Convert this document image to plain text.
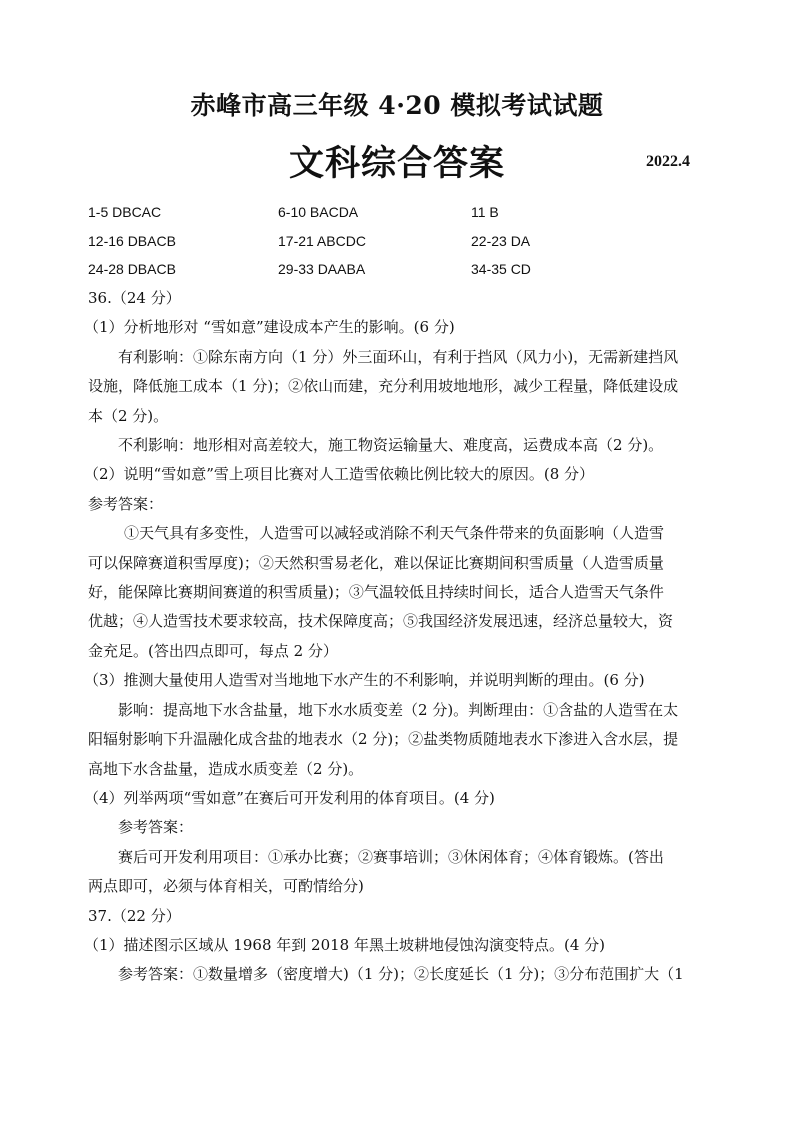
赤峰市高三年级 4·20 模拟考试试题
文科综合答案	2022.4
1-5 DBCAC	6-10 BACDA	11 B
12-16 DBACB	17-21 ABCDC	22-23 DA
24-28 DBACB	29-33 DAABA	34-35 CD
36.（24 分）
（1）分析地形对 “雪如意”建设成本产生的影响。(6 分)
有利影响：①除东南方向（1 分）外三面环山，有利于挡风（风力小)，无需新建挡风
设施，降低施工成本（1 分)；②依山而建，充分利用坡地地形，减少工程量，降低建设成
本（2 分)。
不利影响：地形相对高差较大，施工物资运输量大、难度高，运费成本高（2 分)。
（2）说明“雪如意”雪上项目比赛对人工造雪依赖比例比较大的原因。(8 分）
参考答案：
①天气具有多变性，人造雪可以减轻或消除不利天气条件带来的负面影响（人造雪
可以保障赛道积雪厚度)；②天然积雪易老化，难以保证比赛期间积雪质量（人造雪质量
好，能保障比赛期间赛道的积雪质量)；③气温较低且持续时间长，适合人造雪天气条件
优越；④人造雪技术要求较高，技术保障度高；⑤我国经济发展迅速，经济总量较大，资
金充足。(答出四点即可，每点 2 分）
（3）推测大量使用人造雪对当地地下水产生的不利影响，并说明判断的理由。(6 分)
影响：提高地下水含盐量，地下水水质变差（2 分)。判断理由：①含盐的人造雪在太
阳辐射影响下升温融化成含盐的地表水（2 分)；②盐类物质随地表水下渗进入含水层，提
高地下水含盐量，造成水质变差（2 分)。
（4）列举两项“雪如意”在赛后可开发利用的体育项目。(4 分)
参考答案：
赛后可开发利用项目：①承办比赛；②赛事培训；③休闲体育；④体育锻炼。(答出
两点即可，必须与体育相关，可酌情给分)
37.（22 分）
（1）描述图示区域从 1968 年到 2018 年黑土坡耕地侵蚀沟演变特点。(4 分)
参考答案：①数量增多（密度增大)（1 分)；②长度延长（1 分)；③分布范围扩大（1
